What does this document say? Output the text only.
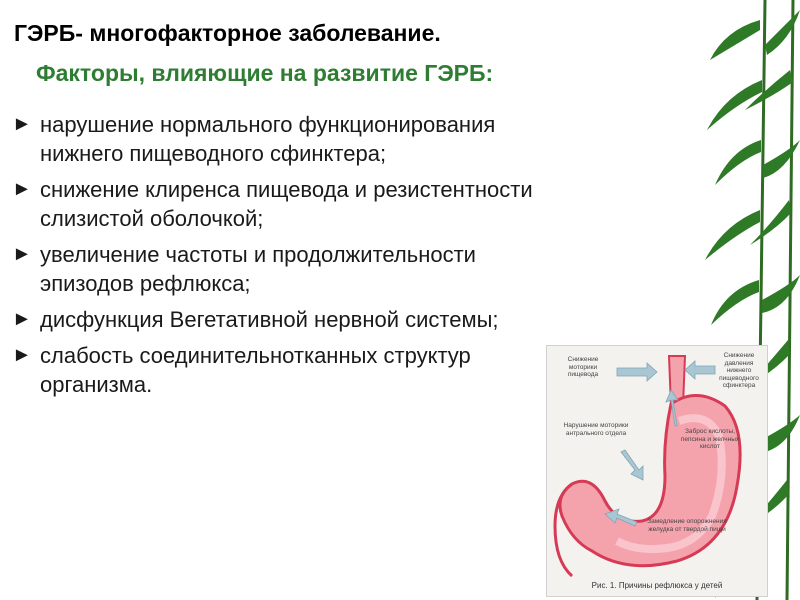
ГЭРБ- многофакторное заболевание.
Факторы, влияющие на развитие ГЭРБ:
► нарушение нормального функционирования
нижнего пищеводного сфинктера;
► снижение клиренса пищевода и резистентности
слизистой оболочкой;
► увеличение частоты и продолжительности
эпизодов рефлюкса;
► дисфункция Вегетативной нервной системы;
► слабость соединительнотканных структур
организма.
Снижение моторики пищевода
Снижение давления нижнего пищеводного сфинктера
Нарушение моторики антрального отдела	Заброс кислоты, пепсина и желчных кислот
Замедление опорожнения желудка от твердой пищи
Рис. 1. Причины рефлюкса у детей
